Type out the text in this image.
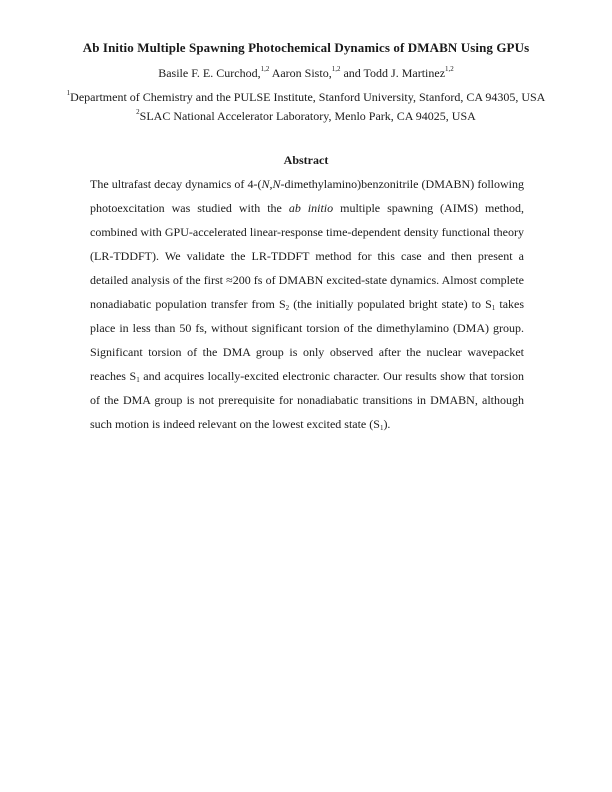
Ab Initio Multiple Spawning Photochemical Dynamics of DMABN Using GPUs
Basile F. E. Curchod,$^{1,2}$ Aaron Sisto,$^{1,2}$ and Todd J. Martinez$^{1,2}$
$^1$Department of Chemistry and the PULSE Institute, Stanford University, Stanford, CA 94305, USA
$^2$SLAC National Accelerator Laboratory, Menlo Park, CA 94025, USA
Abstract
The ultrafast decay dynamics of 4-(N,N-dimethylamino)benzonitrile (DMABN) following
photoexcitation was studied with the ab initio multiple spawning (AIMS) method,
combined with GPU-accelerated linear-response time-dependent density functional theory
(LR-TDDFT). We validate the LR-TDDFT method for this case and then present a
detailed analysis of the first ≈200 fs of DMABN excited-state dynamics. Almost complete
nonadiabatic population transfer from $S_2$ (the initially populated bright state) to $S_1$ takes
place in less than 50 fs, without significant torsion of the dimethylamino (DMA) group.
Significant torsion of the DMA group is only observed after the nuclear wavepacket
reaches $S_1$ and acquires locally-excited electronic character. Our results show that torsion
of the DMA group is not prerequisite for nonadiabatic transitions in DMABN, although
such motion is indeed relevant on the lowest excited state $(S_1)$.
